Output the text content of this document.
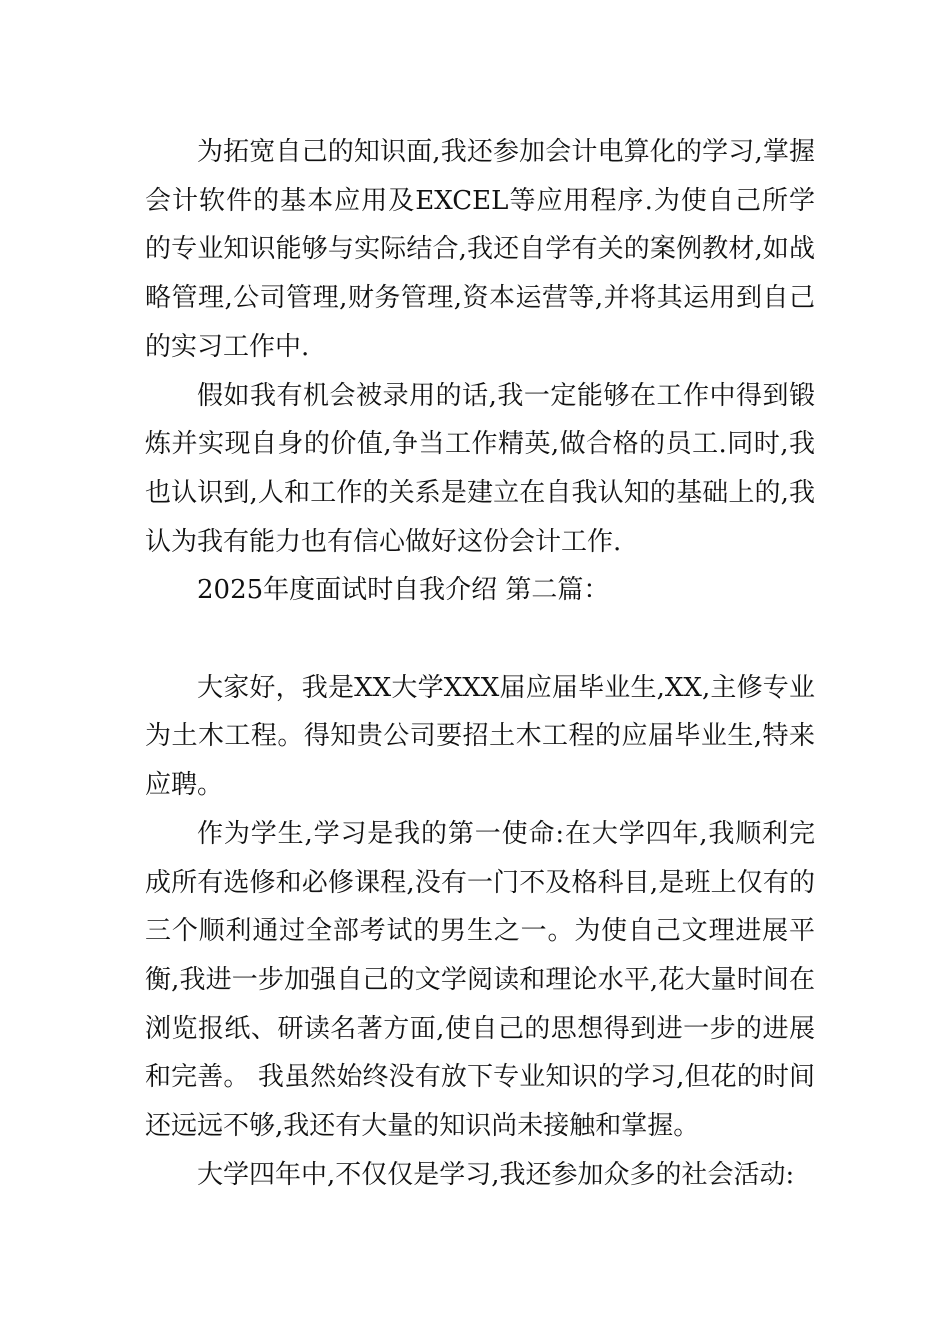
为拓宽自己的知识面,我还参加会计电算化的学习,掌握会计软件的基本应用及EXCEL等应用程序.为使自己所学的专业知识能够与实际结合,我还自学有关的案例教材,如战略管理,公司管理,财务管理,资本运营等,并将其运用到自己的实习工作中.

假如我有机会被录用的话,我一定能够在工作中得到锻炼并实现自身的价值,争当工作精英,做合格的员工.同时,我也认识到,人和工作的关系是建立在自我认知的基础上的,我认为我有能力也有信心做好这份会计工作.

2025年度面试时自我介绍 第二篇：

大家好，我是XX大学XXX届应届毕业生,XX,主修专业为土木工程。得知贵公司要招土木工程的应届毕业生,特来应聘。

作为学生,学习是我的第一使命:在大学四年,我顺利完成所有选修和必修课程,没有一门不及格科目,是班上仅有的三个顺利通过全部考试的男生之一。为使自己文理进展平衡,我进一步加强自己的文学阅读和理论水平,花大量时间在浏览报纸、研读名著方面,使自己的思想得到进一步的进展和完善。 我虽然始终没有放下专业知识的学习,但花的时间还远远不够,我还有大量的知识尚未接触和掌握。

大学四年中,不仅仅是学习,我还参加众多的社会活动:
